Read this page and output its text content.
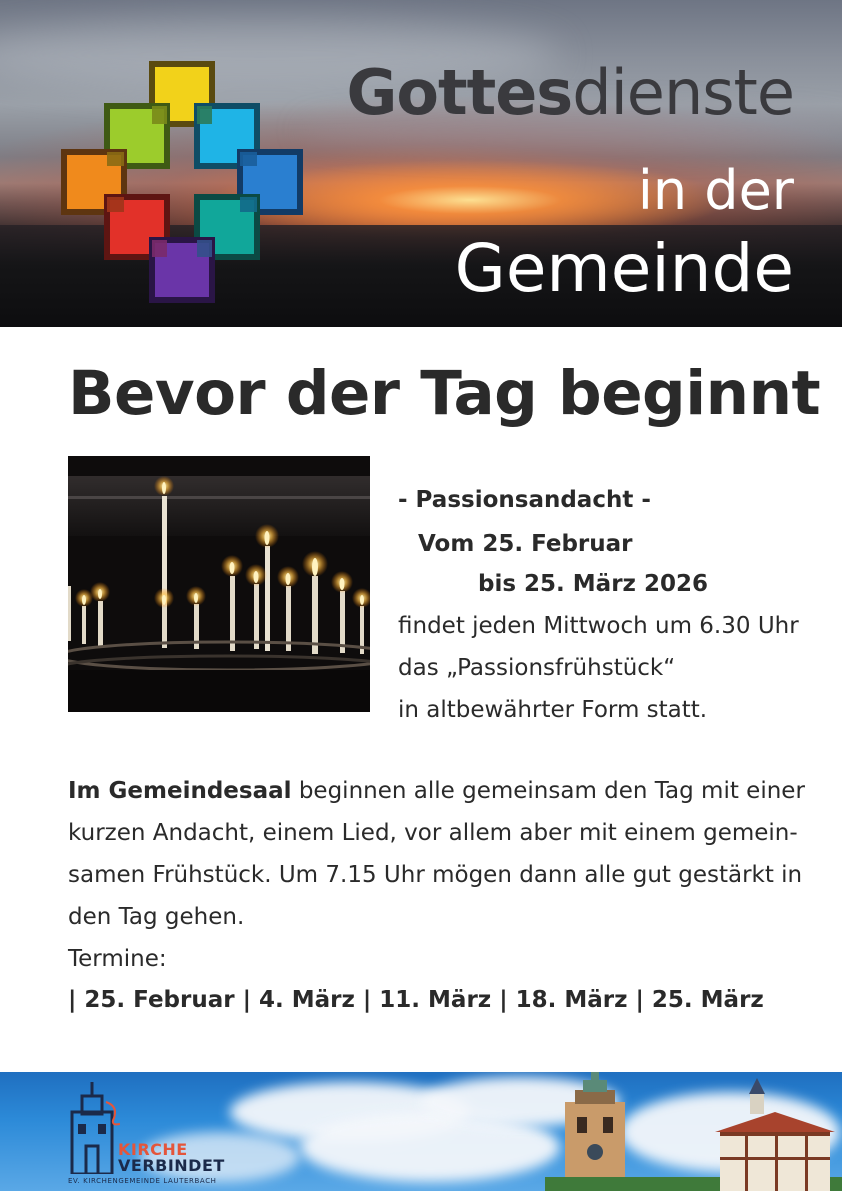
Gottesdienste
in der
Gemeinde
Bevor der Tag beginnt
- Passionsandacht -
Vom 25. Februar
bis 25. März 2026
findet jeden Mittwoch um 6.30 Uhr
das „Passionsfrühstück“
in altbewährter Form statt.
Im Gemeindesaal beginnen alle gemeinsam den Tag mit einer
kurzen Andacht, einem Lied, vor allem aber mit einem gemein-
samen Frühstück. Um 7.15 Uhr mögen dann alle gut gestärkt in
den Tag gehen.
Termine:
| 25. Februar | 4. März | 11. März | 18. März | 25. März
KIRCHE
VERBINDET
EV. KIRCHENGEMEINDE LAUTERBACH
